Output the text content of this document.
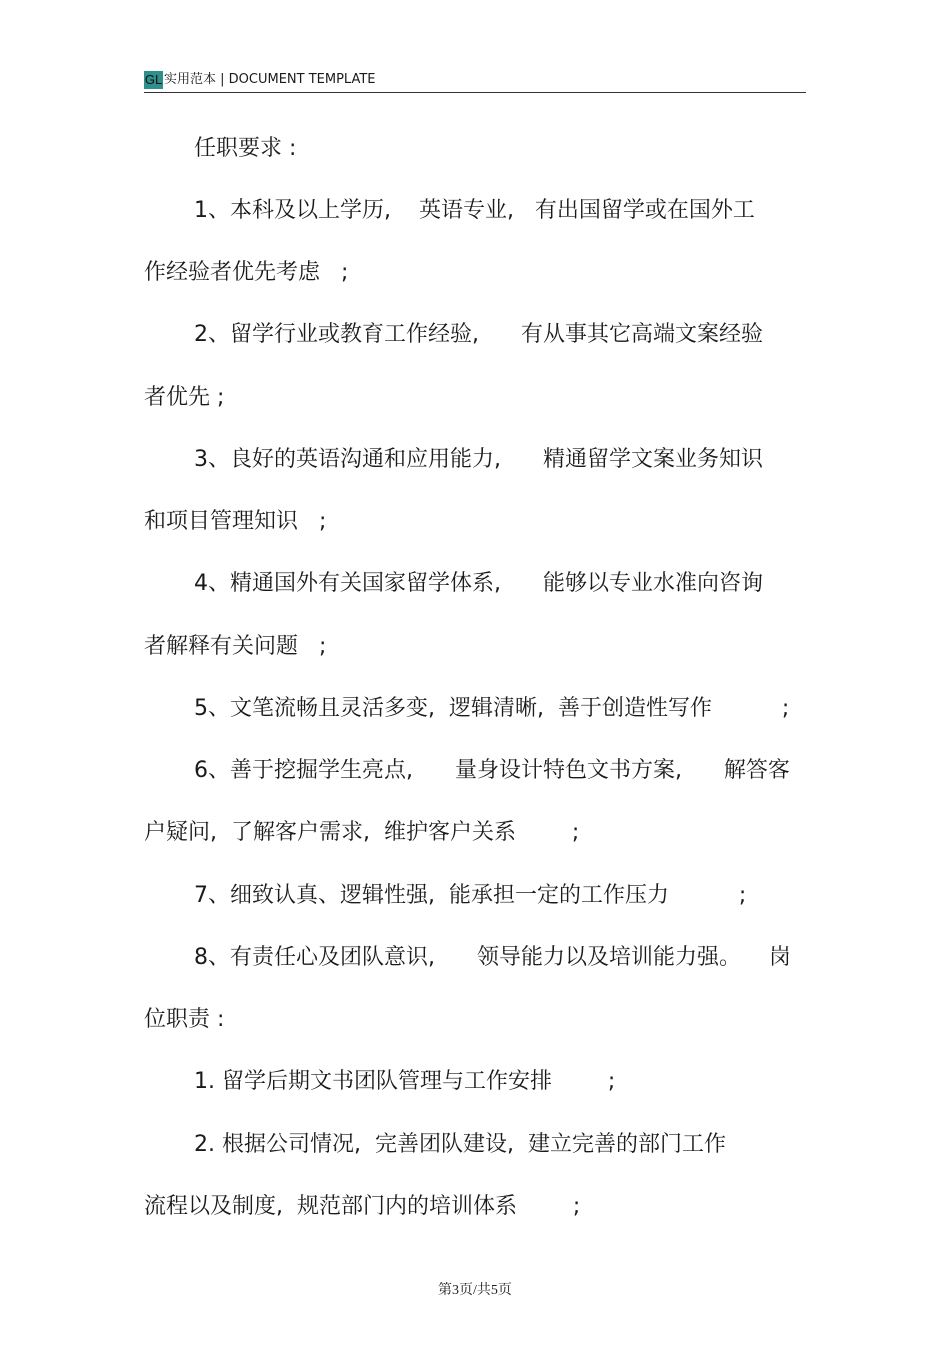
GL 实用范本 | DOCUMENT TEMPLATE
任职要求 :
1、本科及以上学历,    英语专业,   有出国留学或在国外工
作经验者优先考虑   ;
2、留学行业或教育工作经验,      有从事其它高端文案经验
者优先 ;
3、良好的英语沟通和应用能力,      精通留学文案业务知识
和项目管理知识   ;
4、精通国外有关国家留学体系,      能够以专业水准向咨询
者解释有关问题   ;
5、文笔流畅且灵活多变,  逻辑清晰,  善于创造性写作          ;
6、善于挖掘学生亮点,      量身设计特色文书方案,      解答客
户疑问,  了解客户需求,  维护客户关系        ;
7、细致认真、逻辑性强,  能承担一定的工作压力          ;
8、有责任心及团队意识,      领导能力以及培训能力强。    岗
位职责 :
1. 留学后期文书团队管理与工作安排        ;
2. 根据公司情况,  完善团队建设,  建立完善的部门工作
流程以及制度,  规范部门内的培训体系        ;
第3页/共5页
